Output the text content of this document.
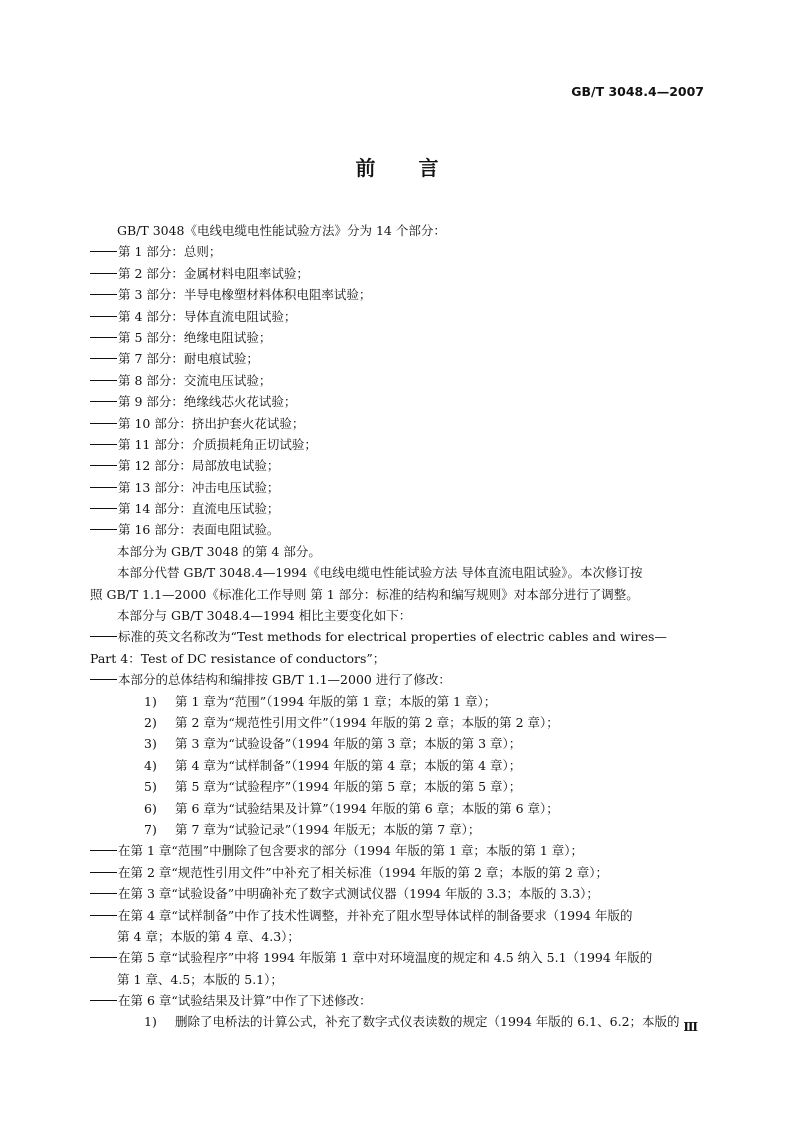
GB/T 3048.4—2007
前 言
GB/T 3048《电线电缆电性能试验方法》分为 14 个部分：
第 1 部分：总则；
第 2 部分：金属材料电阻率试验；
第 3 部分：半导电橡塑材料体积电阻率试验；
第 4 部分：导体直流电阻试验；
第 5 部分：绝缘电阻试验；
第 7 部分：耐电痕试验；
第 8 部分：交流电压试验；
第 9 部分：绝缘线芯火花试验；
第 10 部分：挤出护套火花试验；
第 11 部分：介质损耗角正切试验；
第 12 部分：局部放电试验；
第 13 部分：冲击电压试验；
第 14 部分：直流电压试验；
第 16 部分：表面电阻试验。
本部分为 GB/T 3048 的第 4 部分。
本部分代替 GB/T 3048.4—1994《电线电缆电性能试验方法 导体直流电阻试验》。本次修订按
照 GB/T 1.1—2000《标准化工作导则 第 1 部分：标准的结构和编写规则》对本部分进行了调整。
本部分与 GB/T 3048.4—1994 相比主要变化如下：
标准的英文名称改为“Test methods for electrical properties of electric cables and wires—
Part 4：Test of DC resistance of conductors”；
本部分的总体结构和编排按 GB/T 1.1—2000 进行了修改：
1) 第 1 章为“范围”（1994 年版的第 1 章；本版的第 1 章）；
2) 第 2 章为“规范性引用文件”（1994 年版的第 2 章；本版的第 2 章）；
3) 第 3 章为“试验设备”（1994 年版的第 3 章；本版的第 3 章）；
4) 第 4 章为“试样制备”（1994 年版的第 4 章；本版的第 4 章）；
5) 第 5 章为“试验程序”（1994 年版的第 5 章；本版的第 5 章）；
6) 第 6 章为“试验结果及计算”（1994 年版的第 6 章；本版的第 6 章）；
7) 第 7 章为“试验记录”（1994 年版无；本版的第 7 章）；
在第 1 章“范围”中删除了包含要求的部分（1994 年版的第 1 章；本版的第 1 章）；
在第 2 章“规范性引用文件”中补充了相关标准（1994 年版的第 2 章；本版的第 2 章）；
在第 3 章“试验设备”中明确补充了数字式测试仪器（1994 年版的 3.3；本版的 3.3）；
在第 4 章“试样制备”中作了技术性调整，并补充了阻水型导体试样的制备要求（1994 年版的
第 4 章；本版的第 4 章、4.3）；
在第 5 章“试验程序”中将 1994 年版第 1 章中对环境温度的规定和 4.5 纳入 5.1（1994 年版的
第 1 章、4.5；本版的 5.1）；
在第 6 章“试验结果及计算”中作了下述修改：
1) 删除了电桥法的计算公式，补充了数字式仪表读数的规定（1994 年版的 6.1、6.2；本版的 Ⅲ
